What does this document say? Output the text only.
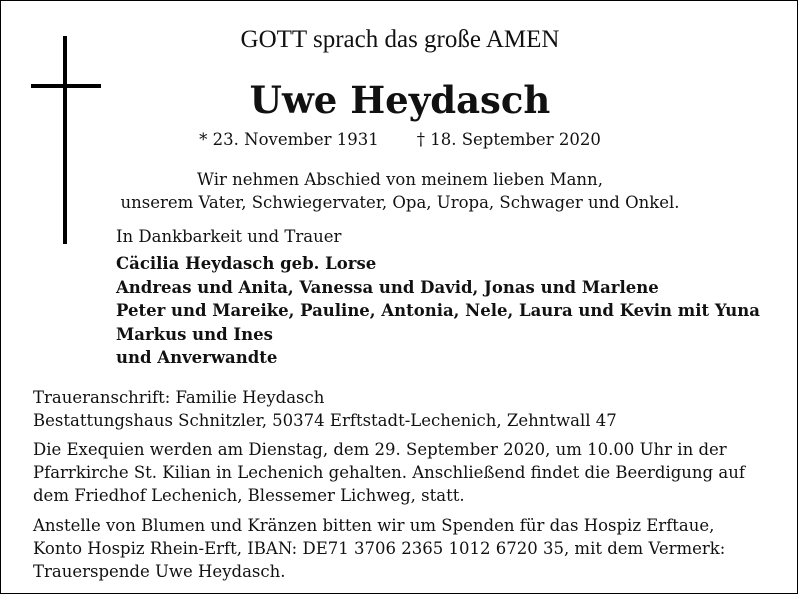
GOTT sprach das große AMEN
Uwe Heydasch
* 23. November 1931 † 18. September 2020
Wir nehmen Abschied von meinem lieben Mann,
unserem Vater, Schwiegervater, Opa, Uropa, Schwager und Onkel.
In Dankbarkeit und Trauer
Cäcilia Heydasch geb. Lorse
Andreas und Anita, Vanessa und David, Jonas und Marlene
Peter und Mareike, Pauline, Antonia, Nele, Laura und Kevin mit Yuna
Markus und Ines
und Anverwandte
Traueranschrift: Familie Heydasch
Bestattungshaus Schnitzler, 50374 Erftstadt-Lechenich, Zehntwall 47
Die Exequien werden am Dienstag, dem 29. September 2020, um 10.00 Uhr in der
Pfarrkirche St. Kilian in Lechenich gehalten. Anschließend findet die Beerdigung auf
dem Friedhof Lechenich, Blessemer Lichweg, statt.
Anstelle von Blumen und Kränzen bitten wir um Spenden für das Hospiz Erftaue,
Konto Hospiz Rhein-Erft, IBAN: DE71 3706 2365 1012 6720 35, mit dem Vermerk:
Trauerspende Uwe Heydasch.
